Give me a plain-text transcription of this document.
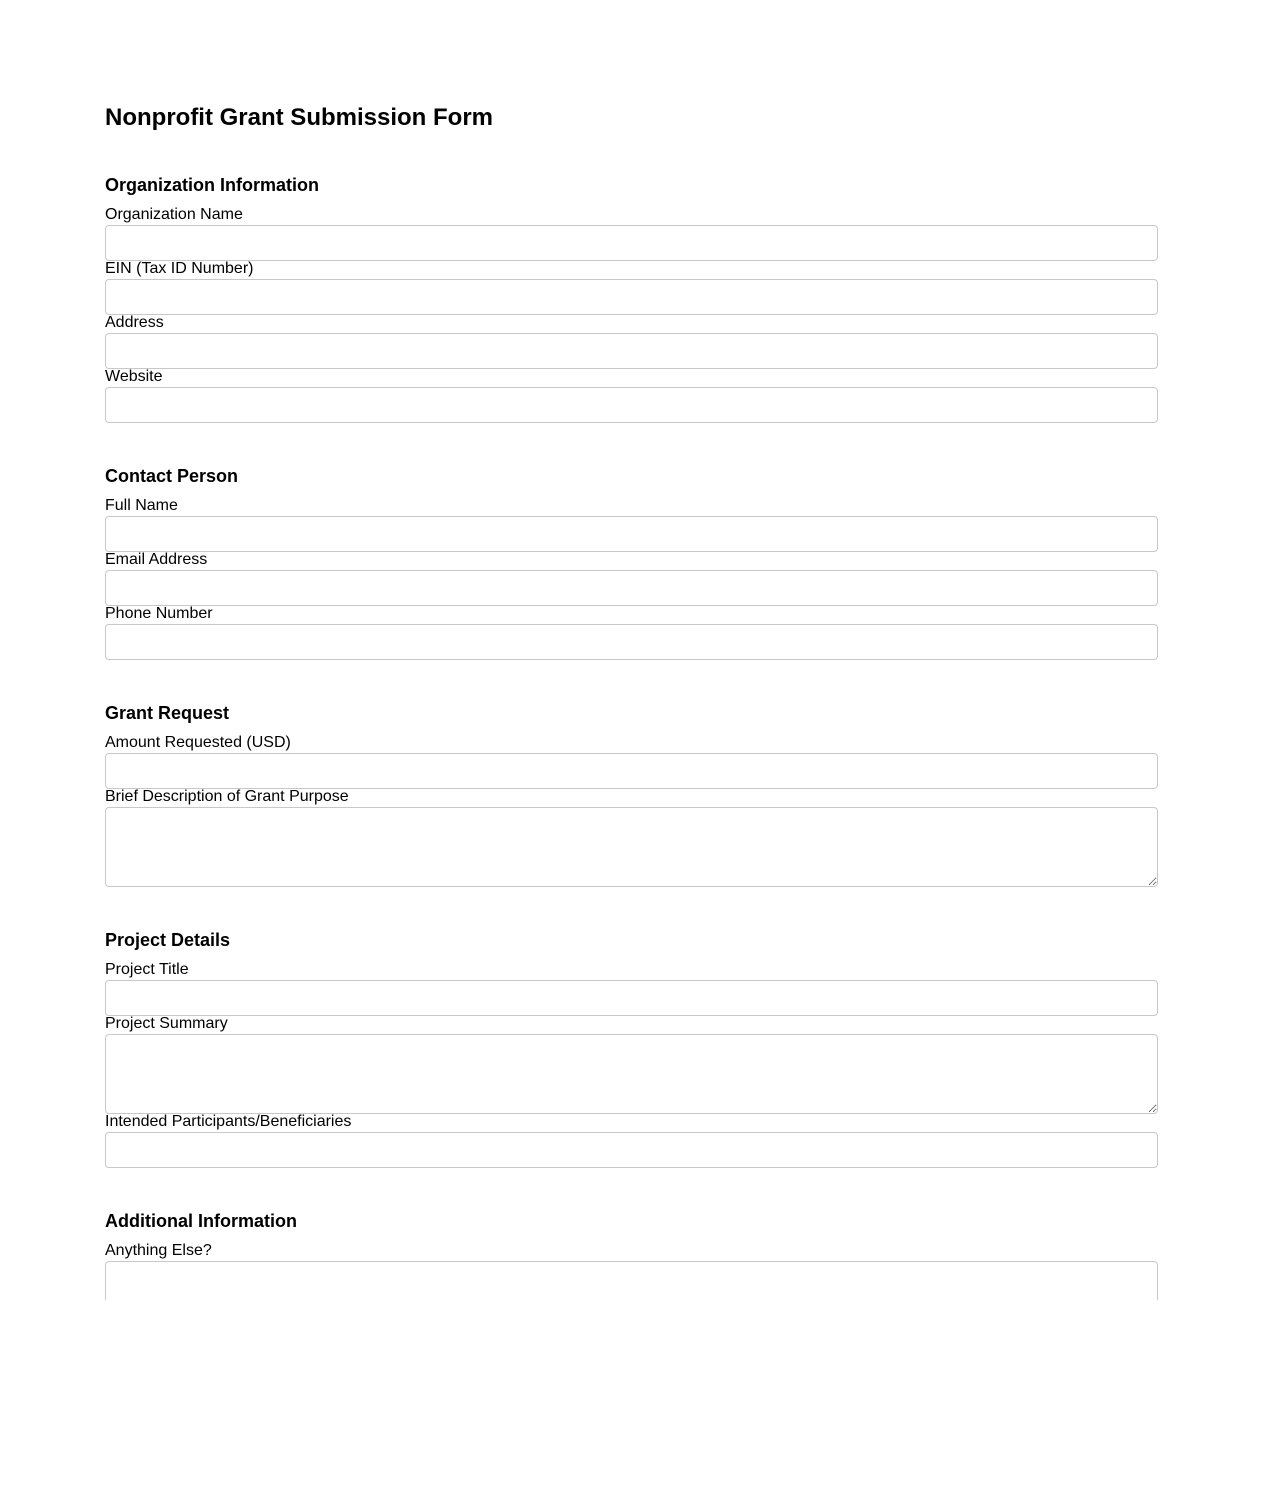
Nonprofit Grant Submission Form
Organization Information
Organization Name
EIN (Tax ID Number)
Address
Website
Contact Person
Full Name
Email Address
Phone Number
Grant Request
Amount Requested (USD)
Brief Description of Grant Purpose
Project Details
Project Title
Project Summary
Intended Participants/Beneficiaries
Additional Information
Anything Else?
